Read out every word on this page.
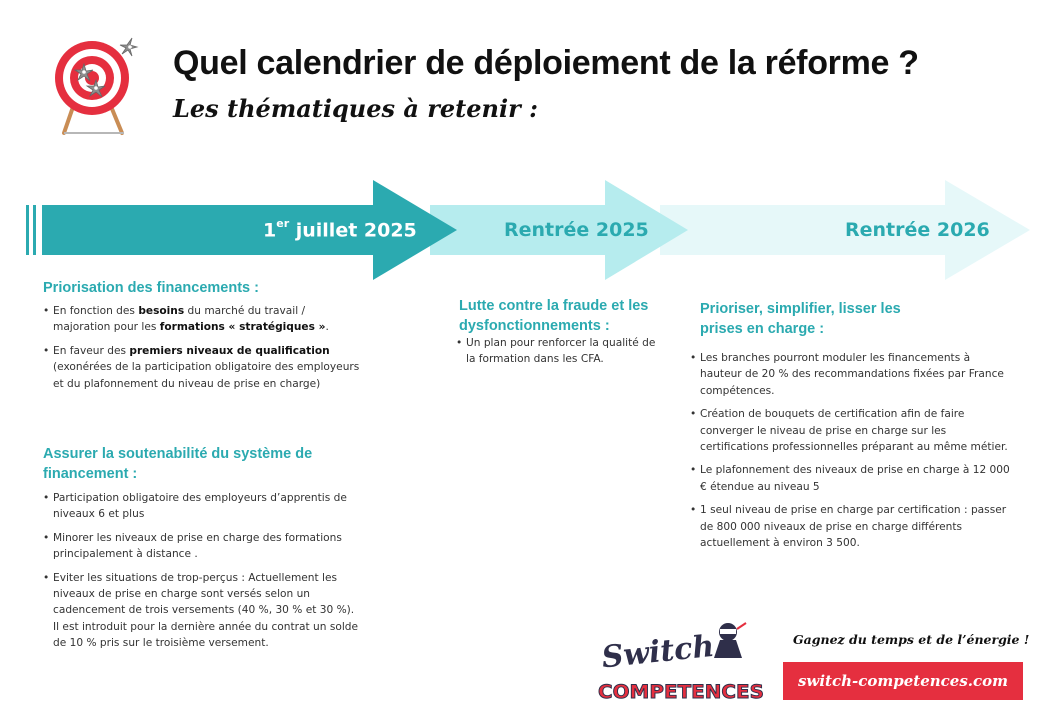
Quel calendrier de déploiement de la réforme ?
Les thématiques à retenir :
1er juillet 2025	Rentrée 2025	Rentrée 2026
Priorisation des financements :
• En fonction des besoins du marché du travail / majoration pour les formations « stratégiques ».
• En faveur des premiers niveaux de qualification (exonérées de la participation obligatoire des employeurs et du plafonnement du niveau de prise en charge)
Assurer la soutenabilité du système de financement :
• Participation obligatoire des employeurs d’apprentis de niveaux 6 et plus
• Minorer les niveaux de prise en charge des formations principalement à distance .
• Eviter les situations de trop-perçus : Actuellement les niveaux de prise en charge sont versés selon un cadencement de trois versements (40 %, 30 % et 30 %). Il est introduit pour la dernière année du contrat un solde de 10 % pris sur le troisième versement.
Lutte contre la fraude et les dysfonctionnements :
• Un plan pour renforcer la qualité de la formation dans les CFA.
Prioriser, simplifier, lisser les prises en charge :
• Les branches pourront moduler les financements à hauteur de 20 % des recommandations fixées par France compétences.
• Création de bouquets de certification afin de faire converger le niveau de prise en charge sur les certifications professionnelles préparant au même métier.
• Le plafonnement des niveaux de prise en charge à 12 000 € étendue au niveau 5
• 1 seul niveau de prise en charge par certification : passer de 800 000 niveaux de prise en charge différents actuellement à environ 3 500.
Switch
COMPETENCES
Gagnez du temps et de l’énergie !
switch-competences.com
